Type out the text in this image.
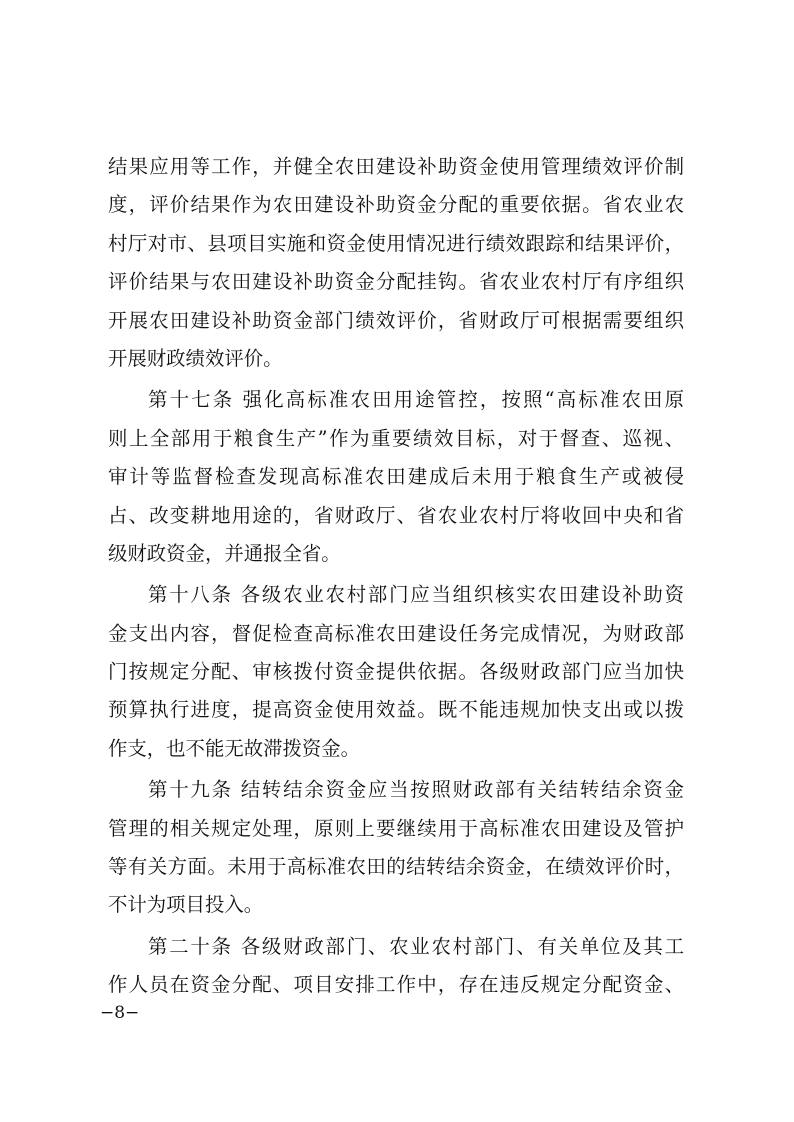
结果应用等工作，并健全农田建设补助资金使用管理绩效评价制
度，评价结果作为农田建设补助资金分配的重要依据。省农业农
村厅对市、县项目实施和资金使用情况进行绩效跟踪和结果评价，
评价结果与农田建设补助资金分配挂钩。省农业农村厅有序组织
开展农田建设补助资金部门绩效评价，省财政厅可根据需要组织
开展财政绩效评价。
第十七条 强化高标准农田用途管控，按照“高标准农田原
则上全部用于粮食生产”作为重要绩效目标，对于督查、巡视、
审计等监督检查发现高标准农田建成后未用于粮食生产或被侵
占、改变耕地用途的，省财政厅、省农业农村厅将收回中央和省
级财政资金，并通报全省。
第十八条 各级农业农村部门应当组织核实农田建设补助资
金支出内容，督促检查高标准农田建设任务完成情况，为财政部
门按规定分配、审核拨付资金提供依据。各级财政部门应当加快
预算执行进度，提高资金使用效益。既不能违规加快支出或以拨
作支，也不能无故滞拨资金。
第十九条 结转结余资金应当按照财政部有关结转结余资金
管理的相关规定处理，原则上要继续用于高标准农田建设及管护
等有关方面。未用于高标准农田的结转结余资金，在绩效评价时，
不计为项目投入。
第二十条 各级财政部门、农业农村部门、有关单位及其工
作人员在资金分配、项目安排工作中，存在违反规定分配资金、
−8−
